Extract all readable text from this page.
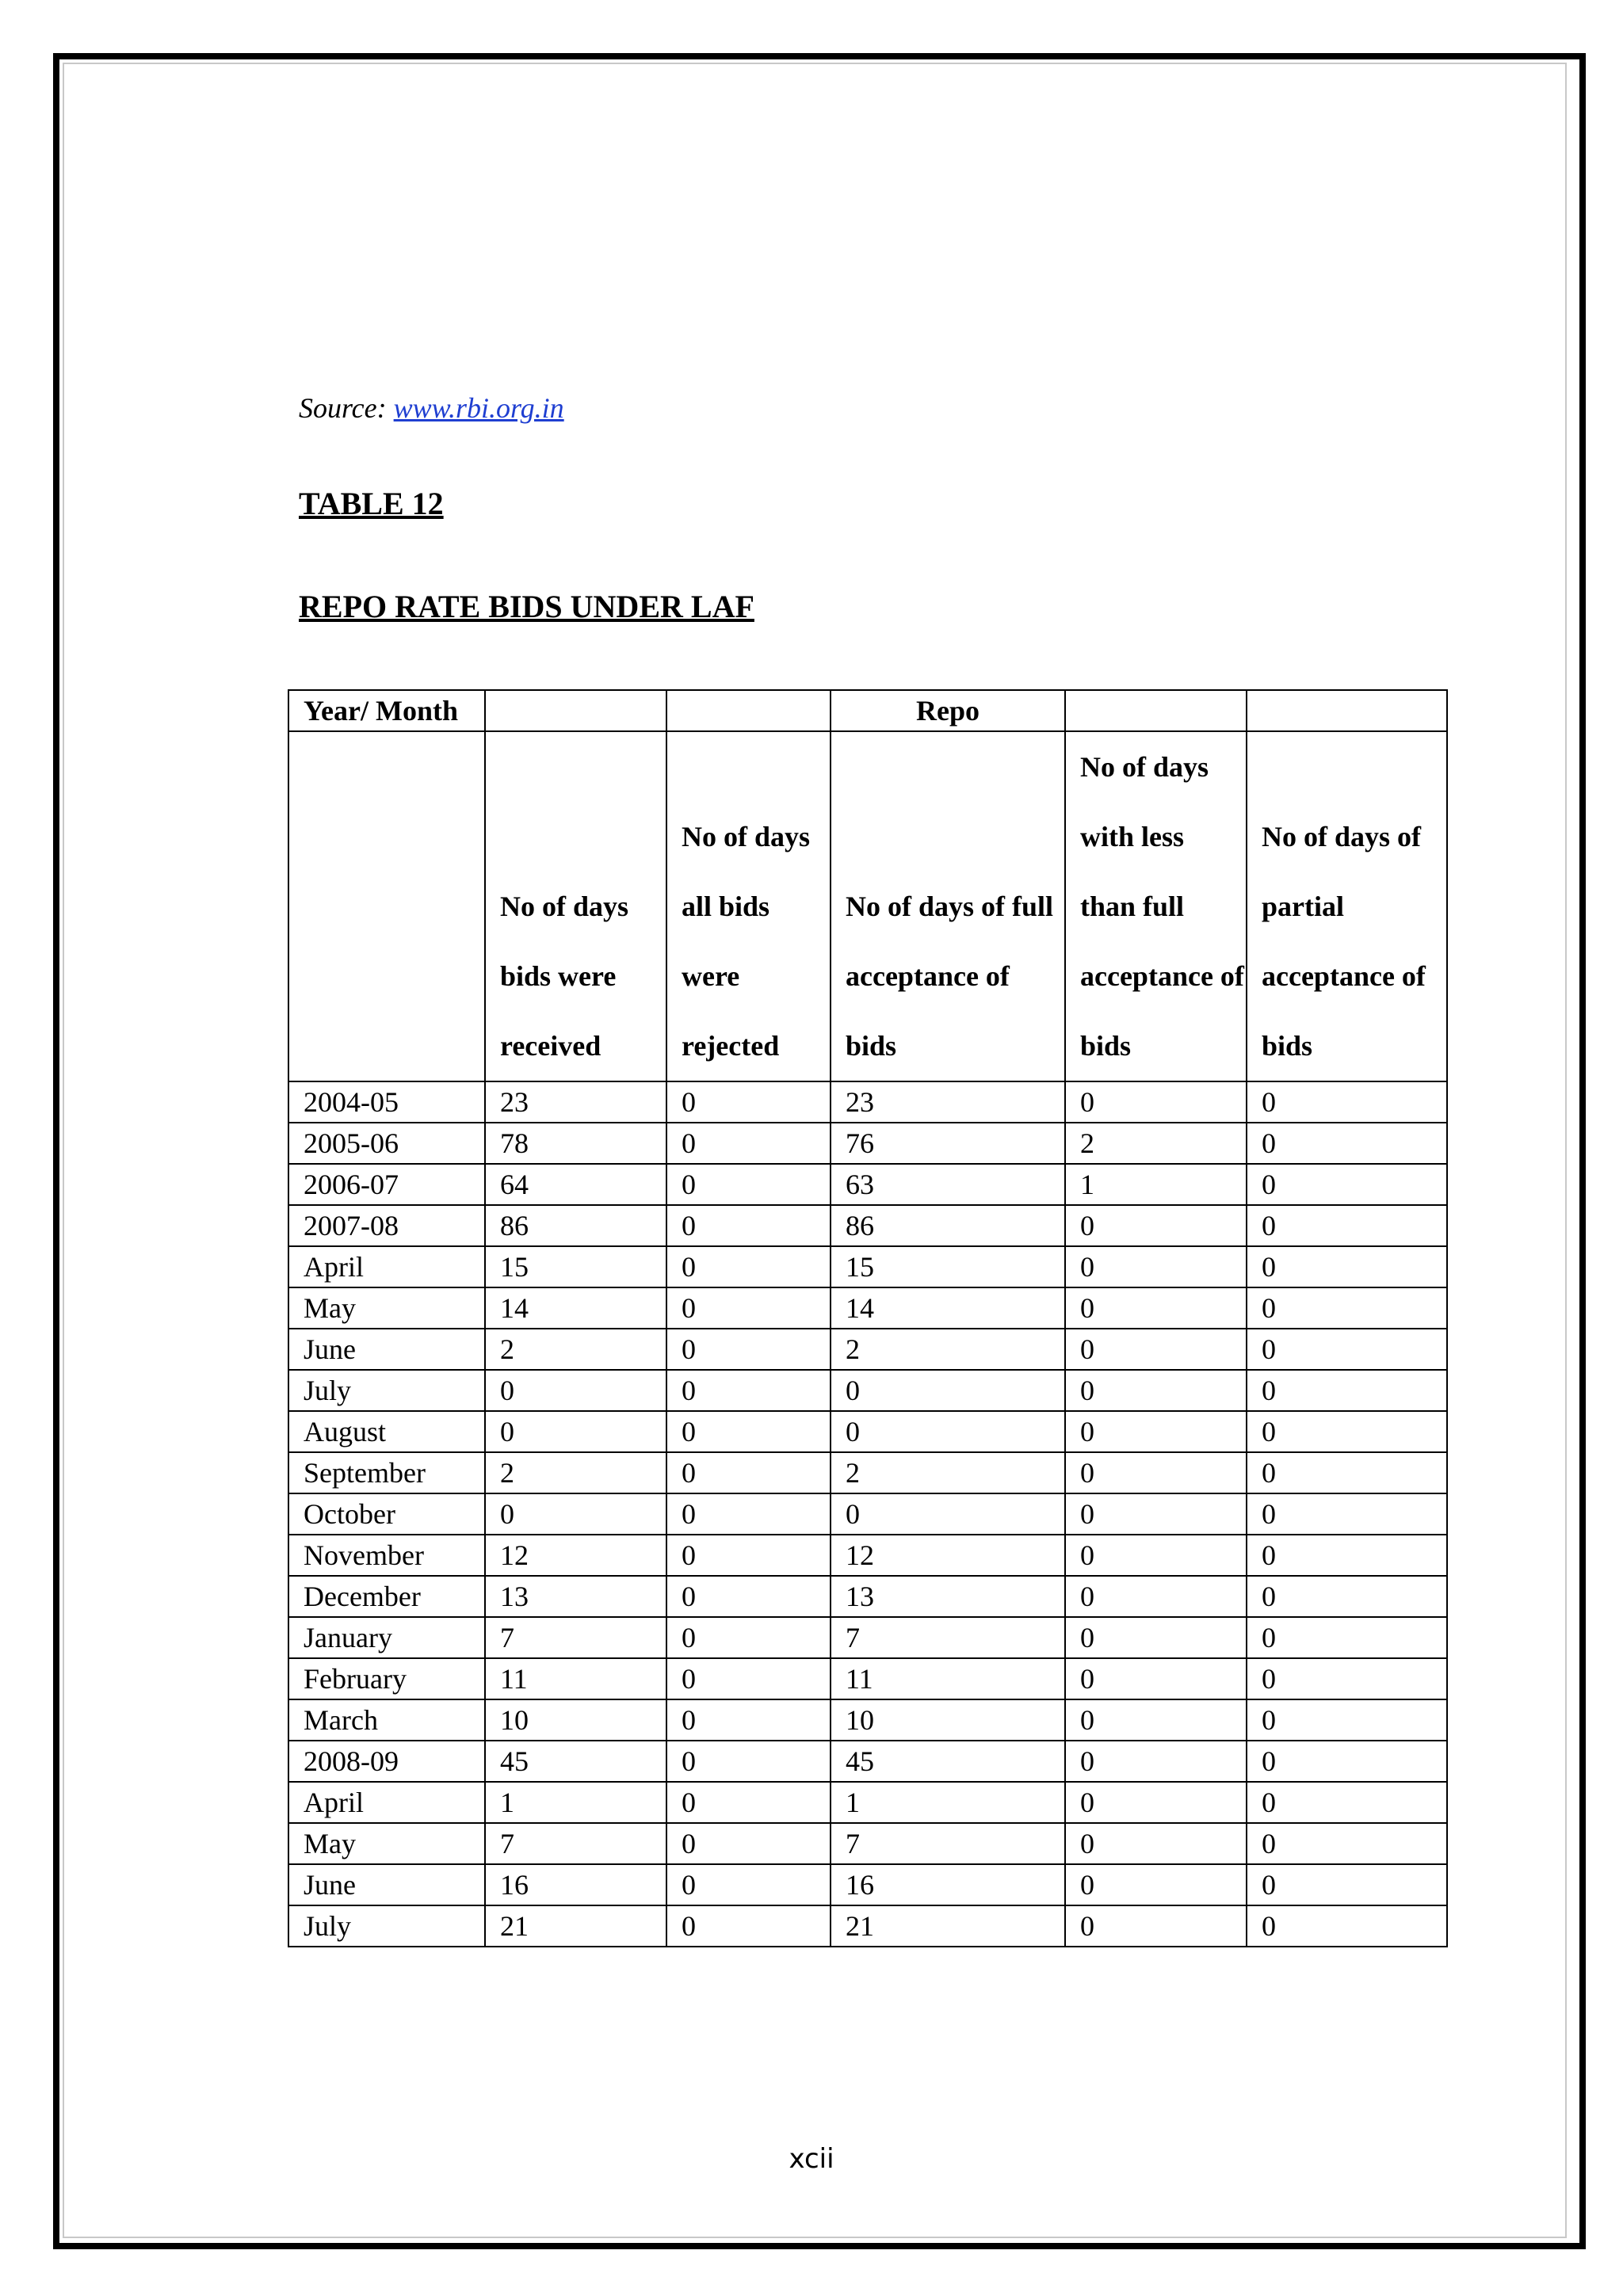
Source: www.rbi.org.in
TABLE 12
REPO RATE BIDS UNDER LAF
Year/ Month			Repo		
	No of days bids were received	No of days all bids were rejected	No of days of full acceptance of bids	No of days with less than full acceptance of bids	No of days of partial acceptance of bids
2004-05	23	0	23	0	0
2005-06	78	0	76	2	0
2006-07	64	0	63	1	0
2007-08	86	0	86	0	0
April	15	0	15	0	0
May	14	0	14	0	0
June	2	0	2	0	0
July	0	0	0	0	0
August	0	0	0	0	0
September	2	0	2	0	0
October	0	0	0	0	0
November	12	0	12	0	0
December	13	0	13	0	0
January	7	0	7	0	0
February	11	0	11	0	0
March	10	0	10	0	0
2008-09	45	0	45	0	0
April	1	0	1	0	0
May	7	0	7	0	0
June	16	0	16	0	0
July	21	0	21	0	0
xcii
